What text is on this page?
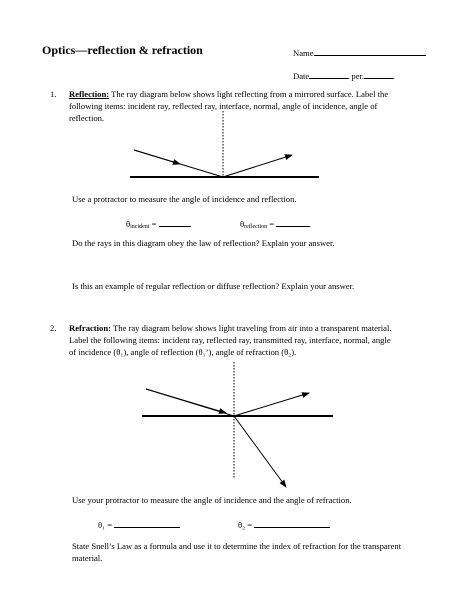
Optics—reflection & refraction	Name
Date	per.
1. Reflection: The ray diagram below shows light reflecting from a mirrored surface. Label the
following items: incident ray, reflected ray, interface, normal, angle of incidence, angle of
reflection.
Use a protractor to measure the angle of incidence and reflection.
θincident =	θreflection =
Do the rays in this diagram obey the law of reflection? Explain your answer.
Is this an example of regular reflection or diffuse reflection? Explain your answer.
2. Refraction: The ray diagram below shows light traveling from air into a transparent material.
Label the following items: incident ray, reflected ray, transmitted ray, interface, normal, angle
of incidence (θ₁), angle of reflection (θ₁’), angle of refraction (θ₂).
Use your protractor to measure the angle of incidence and the angle of refraction.
θ₁ =	θ₂ =
State Snell’s Law as a formula and use it to determine the index of refraction for the transparent
material.
